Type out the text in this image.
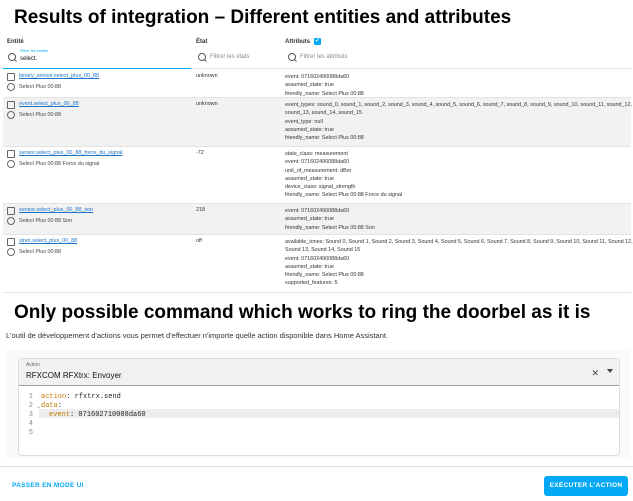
Results of integration – Different entities and attributes
Entité	État	Attributs ✓
Filtrer les entités
select.	Filtrer les états	Filtrer les attributs
binary_sensor.select_plus_00_88
Select Plus 00:88
unknown	event: 071602490088da60
assumed_state: true
friendly_name: Select Plus 00:88
event.select_plus_00_88
Select Plus 00:88
unknown	event_types: sound_0, sound_1, sound_2, sound_3, sound_4, sound_5, sound_6, sound_7, sound_8, sound_9, sound_10, sound_11, sound_12,
sound_13, sound_14, sound_15
event_type: null
assumed_state: true
friendly_name: Select Plus 00:88
sensor.select_plus_00_88_force_du_signal
Select Plus 00:88 Force du signal
-72	state_class: measurement
event: 071602490088da60
unit_of_measurement: dBm
assumed_state: true
device_class: signal_strength
friendly_name: Select Plus 00:88 Force du signal
sensor.select_plus_00_88_son
Select Plus 00:88 Son
218	event: 071602490088da60
assumed_state: true
friendly_name: Select Plus 00:88 Son
siren.select_plus_00_88
Select Plus 00:88
off	available_tones: Sound 0, Sound 1, Sound 2, Sound 3, Sound 4, Sound 5, Sound 6, Sound 7, Sound 8, Sound 9, Sound 10, Sound 11, Sound 12,
Sound 13, Sound 14, Sound 15
event: 071602490088da60
assumed_state: true
friendly_name: Select Plus 00:88
supported_features: 5
Only possible command which works to ring the doorbel as it is
L'outil de développement d'actions vous permet d'effectuer n'importe quelle action disponible dans Home Assistant.
Action
RFXCOM RFXtrx: Envoyer	✕
1
2
3
4
5
⌄
action: rfxtrx.send
data:
event: 071602710088da60
PASSER EN MODE UI	EXÉCUTER L'ACTION
